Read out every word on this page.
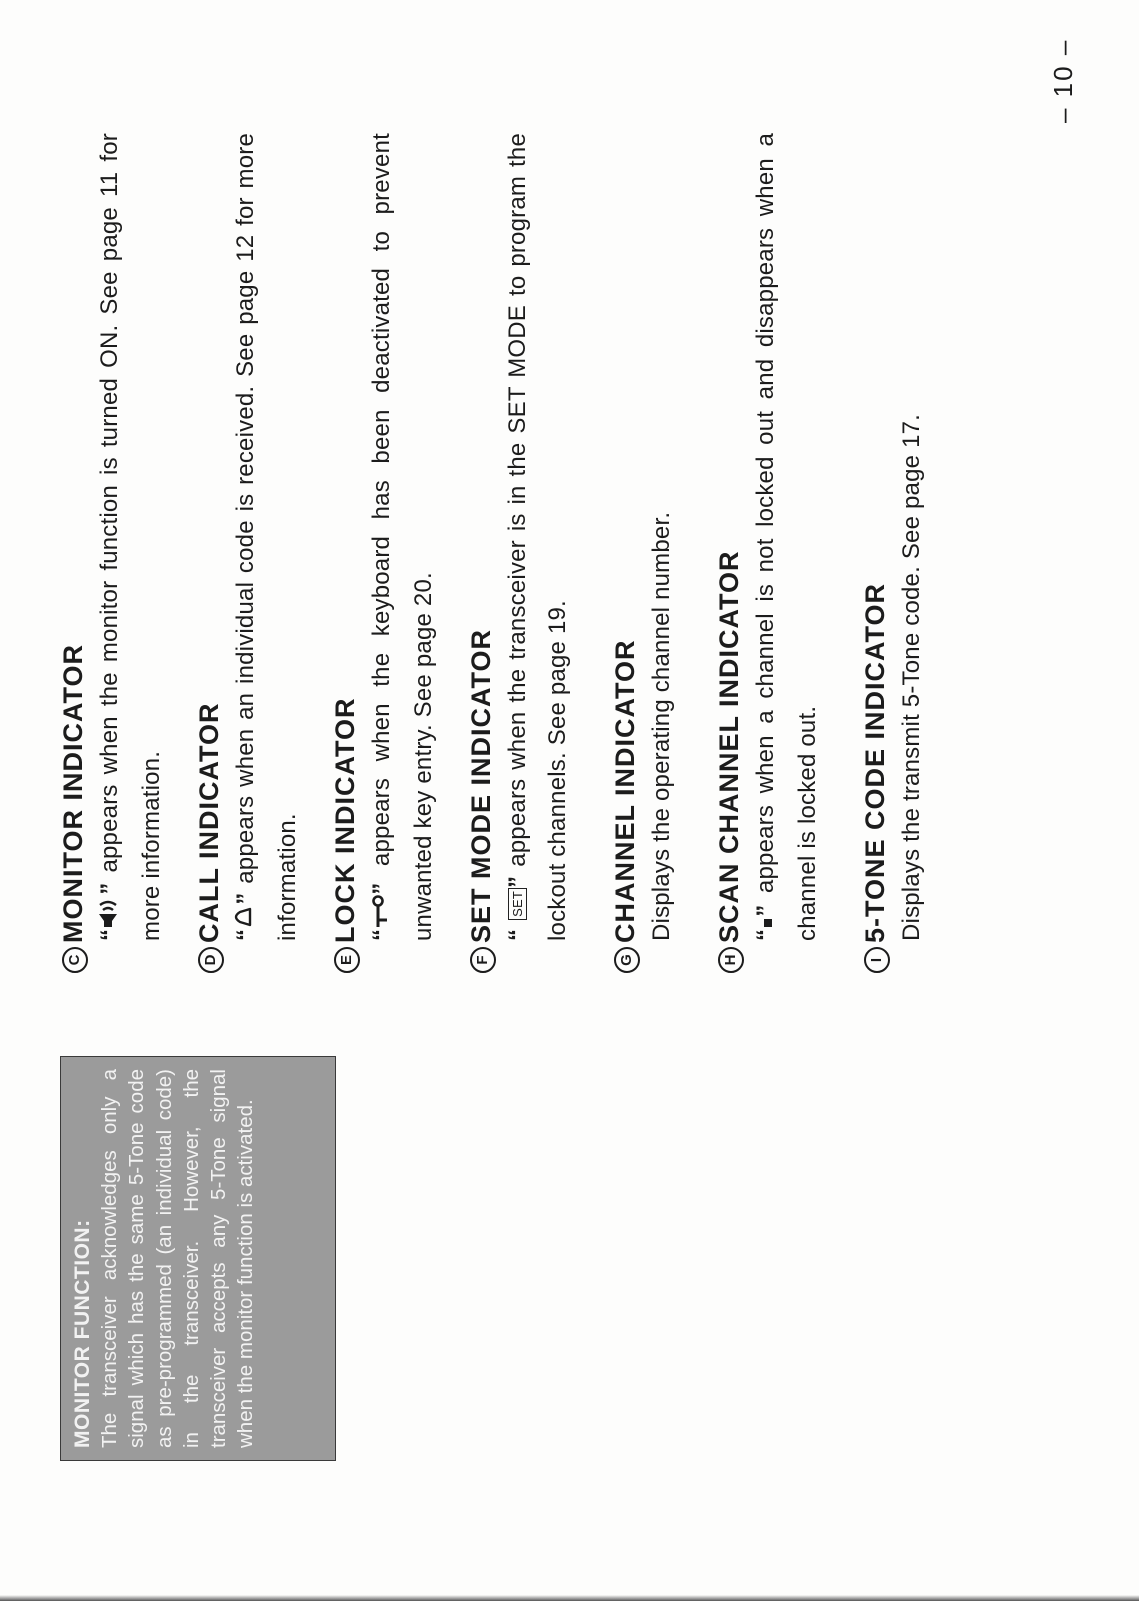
MONITOR FUNCTION: The transceiver acknowledges only a signal which has the same 5-Tone code as pre-programmed (an individual code) in the transceiver. However, the transceiver accepts any 5-Tone signal when the monitor function is activated.
CMONITOR INDICATOR “” appears when the monitor function is turned ON. See page 11 for more information.
DCALL INDICATOR “” appears when an individual code is received. See page 12 for more information.
ELOCK INDICATOR “” appears when the keyboard has been deactivated to prevent unwanted key entry. See page 20.
FSET MODE INDICATOR “ SET” appears when the transceiver is in the SET MODE to program the lockout channels. See page 19.
GCHANNEL INDICATOR Displays the operating channel number.
HSCAN CHANNEL INDICATOR “” appears when a channel is not locked out and disappears when a channel is locked out.
I5-TONE CODE INDICATOR Displays the transmit 5-Tone code. See page 17.
– 10 –
